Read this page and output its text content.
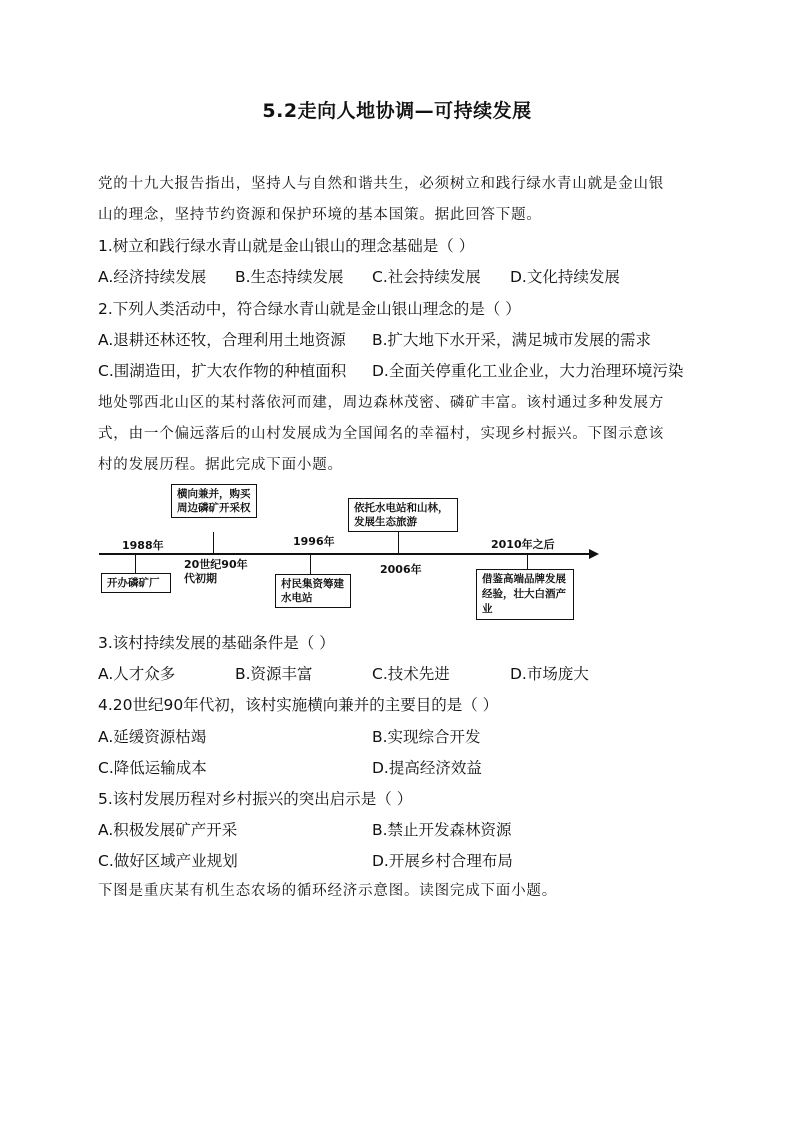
5.2走向人地协调—可持续发展
党的十九大报告指出，坚持人与自然和谐共生，必须树立和践行绿水青山就是金山银
山的理念，坚持节约资源和保护环境的基本国策。据此回答下题。
1.树立和践行绿水青山就是金山银山的理念基础是（ ）
A.经济持续发展 B.生态持续发展 C.社会持续发展 D.文化持续发展
2.下列人类活动中，符合绿水青山就是金山银山理念的是（ ）
A.退耕还林还牧，合理利用土地资源 B.扩大地下水开采，满足城市发展的需求
C.围湖造田，扩大农作物的种植面积 D.全面关停重化工业企业，大力治理环境污染
地处鄂西北山区的某村落依河而建，周边森林茂密、磷矿丰富。该村通过多种发展方
式，由一个偏远落后的山村发展成为全国闻名的幸福村，实现乡村振兴。下图示意该
村的发展历程。据此完成下面小题。
1988年
开办磷矿厂
横向兼并，购买周边磷矿开采权
20世纪90年代初期
1996年
村民集资筹建水电站
依托水电站和山林，发展生态旅游
2006年
2010年之后
借鉴高端品牌发展经验，壮大白酒产业
3.该村持续发展的基础条件是（ ）
A.人才众多	B.资源丰富	C.技术先进	D.市场庞大
4.20世纪90年代初，该村实施横向兼并的主要目的是（ ）
A.延缓资源枯竭	B.实现综合开发
C.降低运输成本	D.提高经济效益
5.该村发展历程对乡村振兴的突出启示是（ ）
A.积极发展矿产开采	B.禁止开发森林资源
C.做好区域产业规划	D.开展乡村合理布局
下图是重庆某有机生态农场的循环经济示意图。读图完成下面小题。
